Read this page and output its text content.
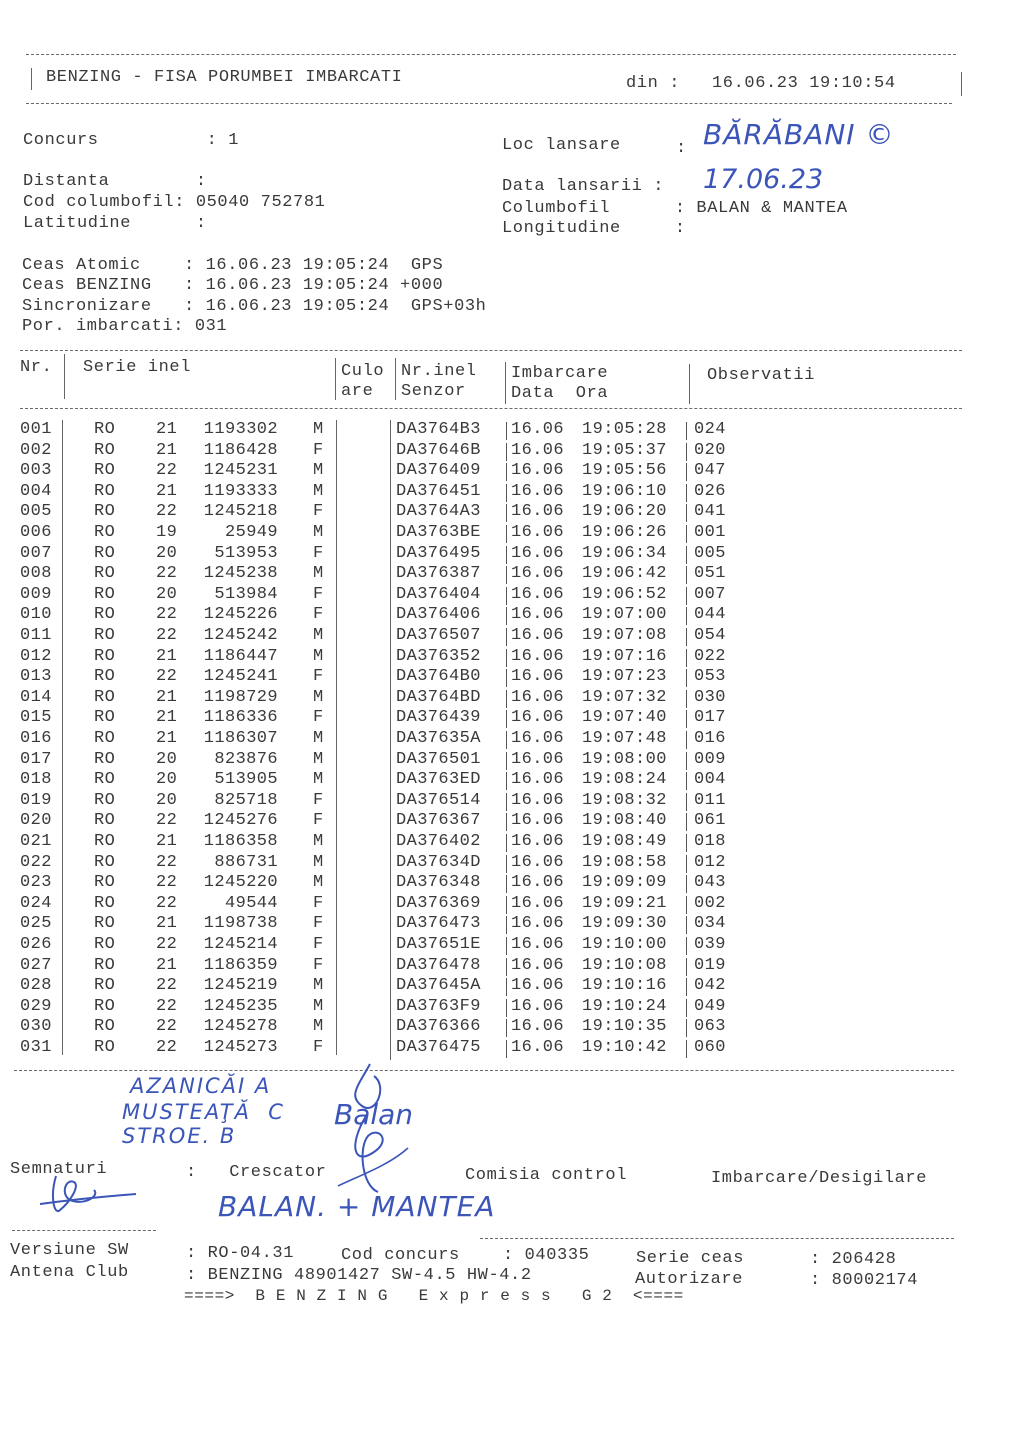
BENZING - FISA PORUMBEI IMBARCATI	din : 16.06.23 19:10:54
Concurs          : 1
Distanta        :
Cod columbofil: 05040 752781
Latitudine      :
Loc lansare	: BĂRĂBANI ©
Data lansarii : 17.06.23
Columbofil      : BALAN & MANTEA
Longitudine     :
Ceas Atomic    : 16.06.23 19:05:24  GPS
Ceas BENZING   : 16.06.23 19:05:24 +000
Sincronizare   : 16.06.23 19:05:24  GPS+03h
Por. imbarcati: 031
Nr. Serie inel	Culo
are
Nr.inel
Senzor
Imbarcare
Data  Ora
Observatii
001 RO 21	1193302 M	DA3764B3 16.06 19:05:28 024
002 RO 21	1186428 F	DA37646B 16.06 19:05:37 020
003 RO 22	1245231 M	DA376409 16.06 19:05:56 047
004 RO 21	1193333 M	DA376451 16.06 19:06:10 026
005 RO 22	1245218 F	DA3764A3 16.06 19:06:20 041
006 RO 19	25949 M	DA3763BE 16.06 19:06:26 001
007 RO 20	513953 F	DA376495 16.06 19:06:34 005
008 RO 22	1245238 M	DA376387 16.06 19:06:42 051
009 RO 20	513984 F	DA376404 16.06 19:06:52 007
010 RO 22	1245226 F	DA376406 16.06 19:07:00 044
011 RO 22	1245242 M	DA376507 16.06 19:07:08 054
012 RO 21	1186447 M	DA376352 16.06 19:07:16 022
013 RO 22	1245241 F	DA3764B0 16.06 19:07:23 053
014 RO 21	1198729 M	DA3764BD 16.06 19:07:32 030
015 RO 21	1186336 F	DA376439 16.06 19:07:40 017
016 RO 21	1186307 M	DA37635A 16.06 19:07:48 016
017 RO 20	823876 M	DA376501 16.06 19:08:00 009
018 RO 20	513905 M	DA3763ED 16.06 19:08:24 004
019 RO 20	825718 F	DA376514 16.06 19:08:32 011
020 RO 22	1245276 F	DA376367 16.06 19:08:40 061
021 RO 21	1186358 M	DA376402 16.06 19:08:49 018
022 RO 22	886731 M	DA37634D 16.06 19:08:58 012
023 RO 22	1245220 M	DA376348 16.06 19:09:09 043
024 RO 22	49544 F	DA376369 16.06 19:09:21 002
025 RO 21	1198738 F	DA376473 16.06 19:09:30 034
026 RO 22	1245214 F	DA37651E 16.06 19:10:00 039
027 RO 21	1186359 F	DA376478 16.06 19:10:08 019
028 RO 22	1245219 M	DA37645A 16.06 19:10:16 042
029 RO 22	1245235 M	DA3763F9 16.06 19:10:24 049
030 RO 22	1245278 M	DA376366 16.06 19:10:35 063
031 RO 22	1245273 F	DA376475 16.06 19:10:42 060
AZANICĂI A
MUSTEAŢĂ  C
STROE. B
Balan
Semnaturi	:   Crescator	Comisia control	Imbarcare/Desigilare
BALAN. + MANTEA
Versiune SW	: RO-04.31	Cod concurs    : 040335	Serie ceas	: 206428
Antena Club	: BENZING 48901427 SW-4.5 HW-4.2	Autorizare	: 80002174
====>  B E N Z I N G   E x p r e s s   G 2  <====
